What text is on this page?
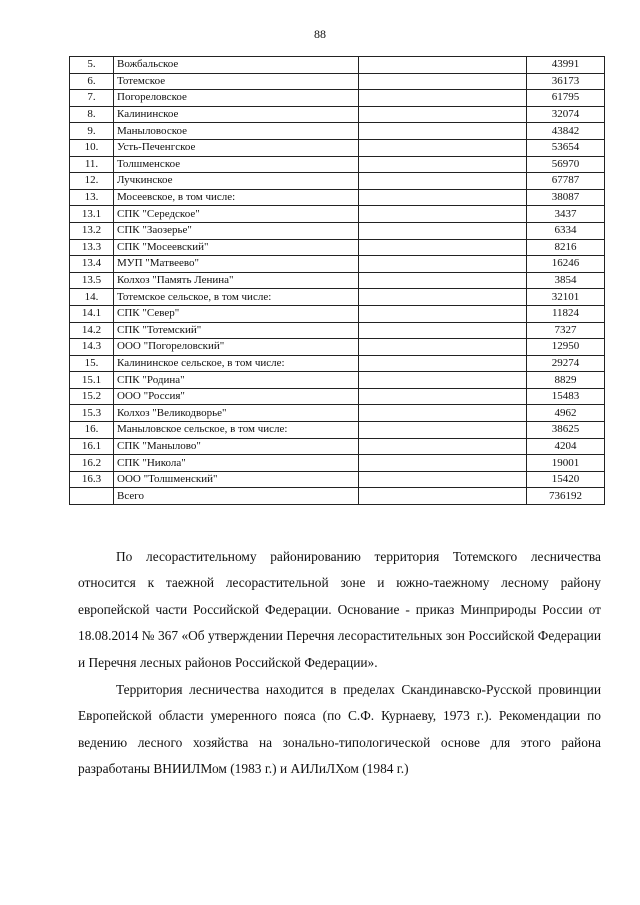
88
5.	Вожбальское		43991
6.	Тотемское		36173
7.	Погореловское		61795
8.	Калининское		32074
9.	Маныловоское		43842
10.	Усть-Печенгское		53654
11.	Толшменское		56970
12.	Лучкинское		67787
13.	Мосеевское, в том числе:		38087
13.1	СПК "Середское"		3437
13.2	СПК "Заозерье"		6334
13.3	СПК "Мосеевский"		8216
13.4	МУП "Матвеево"		16246
13.5	Колхоз "Память Ленина"		3854
14.	Тотемское сельское, в том числе:		32101
14.1	СПК "Север"		11824
14.2	СПК "Тотемский"		7327
14.3	ООО "Погореловский"		12950
15.	Калининское сельское, в том числе:		29274
15.1	СПК "Родина"		8829
15.2	ООО "Россия"		15483
15.3	Колхоз "Великодворье"		4962
16.	Маныловское сельское, в том числе:		38625
16.1	СПК "Манылово"		4204
16.2	СПК "Никола"		19001
16.3	ООО "Толшменский"		15420
	Всего		736192

По лесорастительному районированию территория Тотемского лесничества относится к таежной лесорастительной зоне и южно-таежному лесному району европейской части Российской Федерации. Основание - приказ Минприроды России от 18.08.2014 № 367 «Об утверждении Перечня лесорастительных зон Российской Федерации и Перечня лесных районов Российской Федерации».

Территория лесничества находится в пределах Скандинавско-Русской провинции Европейской области умеренного пояса (по С.Ф. Курнаеву, 1973 г.). Рекомендации по ведению лесного хозяйства на зонально-типологической основе для этого района разработаны ВНИИЛМом (1983 г.) и АИЛиЛХом (1984 г.)
